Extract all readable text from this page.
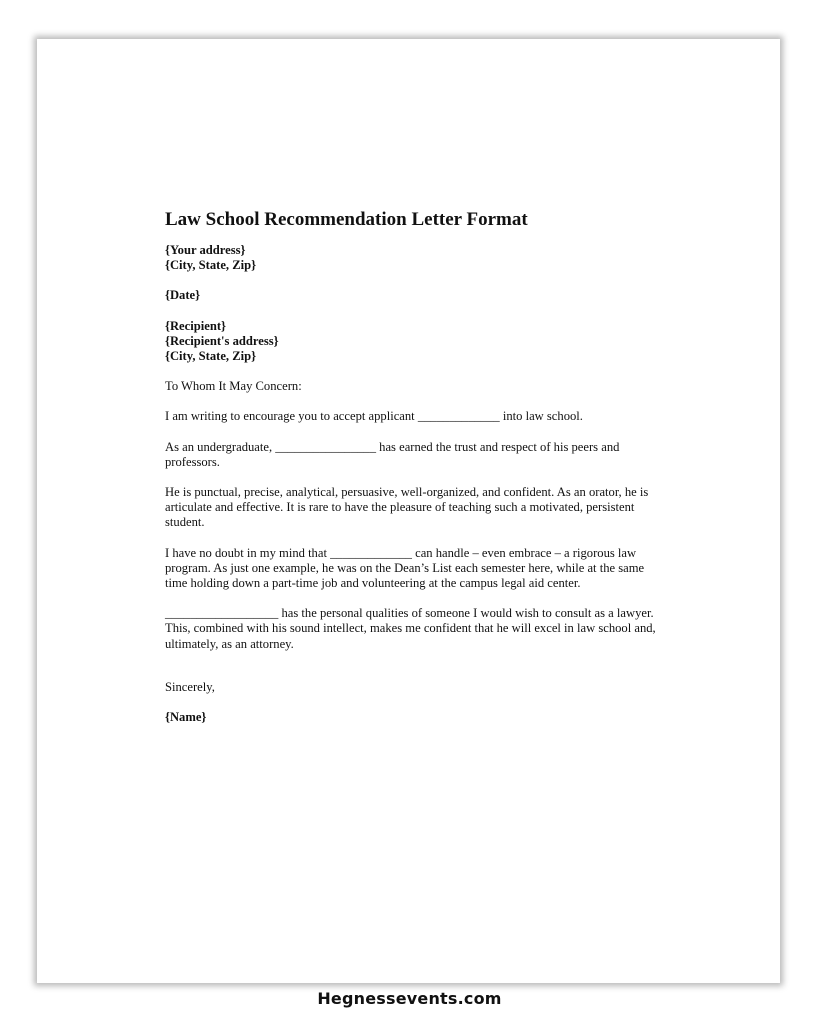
Law School Recommendation Letter Format
{Your address}
{City, State, Zip}
{Date}
{Recipient}
{Recipient's address}
{City, State, Zip}
To Whom It May Concern:
I am writing to encourage you to accept applicant _____________ into law school.
As an undergraduate, ________________ has earned the trust and respect of his peers and professors.
He is punctual, precise, analytical, persuasive, well-organized, and confident. As an orator, he is articulate and effective. It is rare to have the pleasure of teaching such a motivated, persistent student.
I have no doubt in my mind that _____________ can handle – even embrace – a rigorous law program. As just one example, he was on the Dean’s List each semester here, while at the same time holding down a part-time job and volunteering at the campus legal aid center.
__________________ has the personal qualities of someone I would wish to consult as a lawyer. This, combined with his sound intellect, makes me confident that he will excel in law school and, ultimately, as an attorney.
Sincerely,
{Name}
Hegnessevents.com
